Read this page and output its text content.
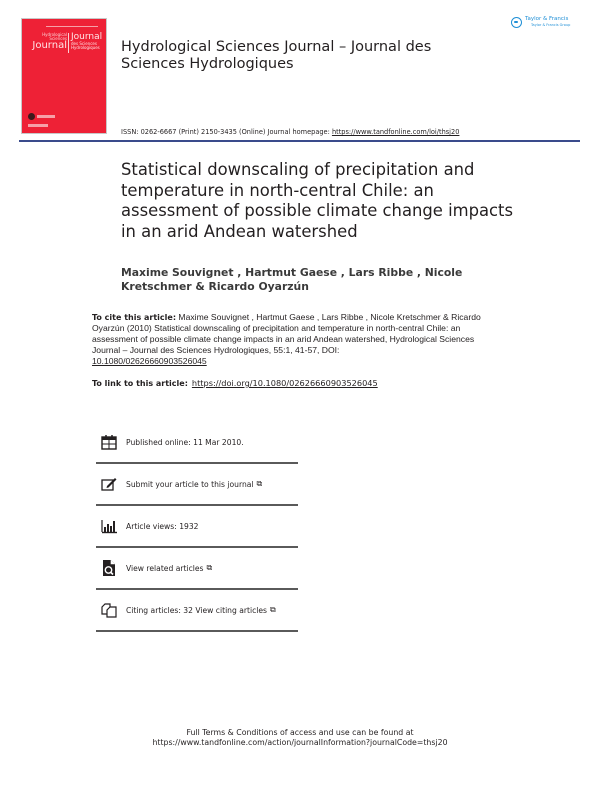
Hydrological
Sciences
Journal
Journal
des Sciences
Hydrologiques Hydrological Sciences Journal – Journal des Sciences Hydrologiques
Taylor & Francis
Taylor & Francis Group
ISSN: 0262-6667 (Print) 2150-3435 (Online) Journal homepage: https://www.tandfonline.com/loi/thsj20
Statistical downscaling of precipitation and temperature in north-central Chile: an assessment of possible climate change impacts in an arid Andean watershed
Maxime Souvignet , Hartmut Gaese , Lars Ribbe , Nicole Kretschmer & Ricardo Oyarzún
To cite this article: Maxime Souvignet , Hartmut Gaese , Lars Ribbe , Nicole Kretschmer & Ricardo Oyarzún (2010) Statistical downscaling of precipitation and temperature in north-central Chile: an assessment of possible climate change impacts in an arid Andean watershed, Hydrological Sciences Journal – Journal des Sciences Hydrologiques, 55:1, 41-57, DOI:
10.1080/02626660903526045
To link to this article: https://doi.org/10.1080/02626660903526045
Published online: 11 Mar 2010.
Submit your article to this journal ⧉
Article views: 1932
View related articles ⧉
Citing articles: 32 View citing articles ⧉
Full Terms & Conditions of access and use can be found at
https://www.tandfonline.com/action/journalInformation?journalCode=thsj20
